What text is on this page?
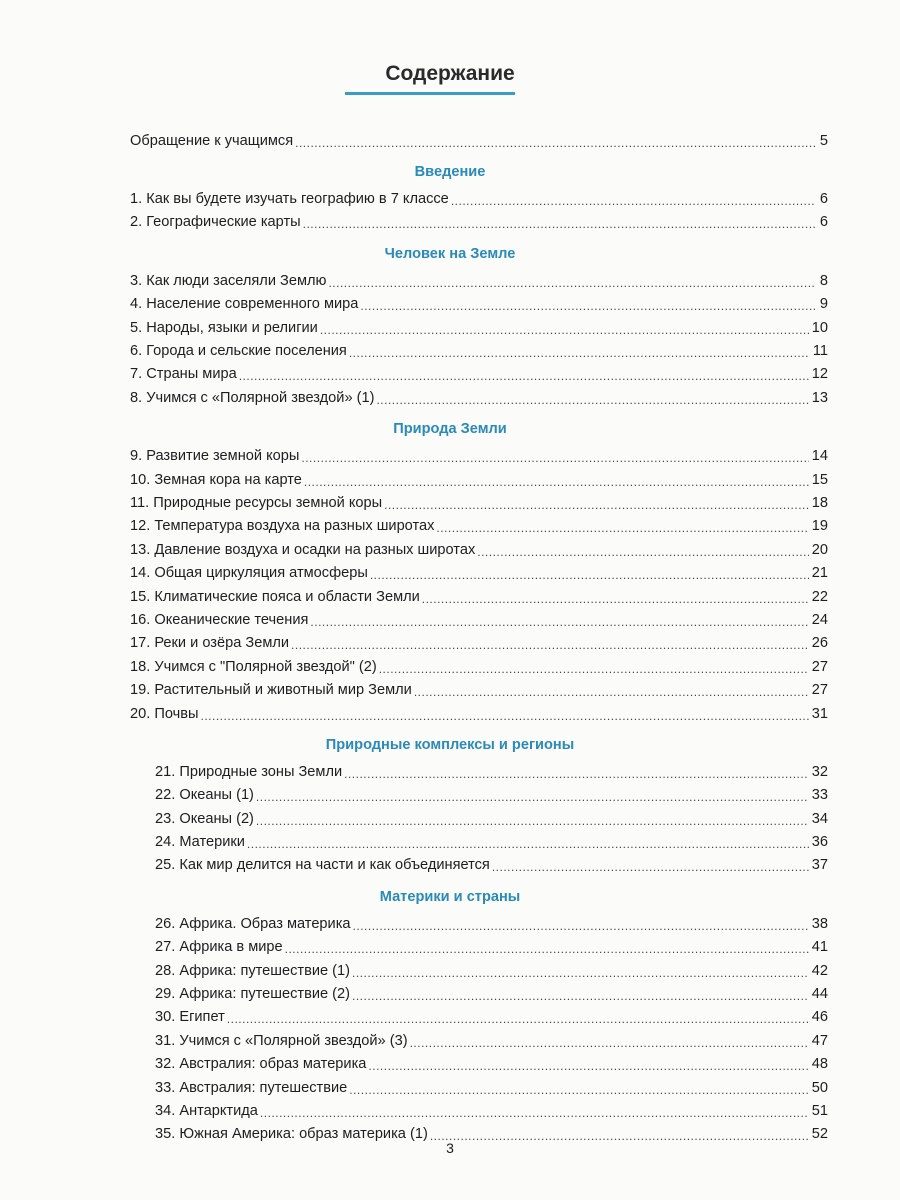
Содержание
Обращение к учащимся .....	5
Введение
1. Как вы будете изучать географию в 7 классе .....	6
2. Географические карты .....	6
Человек на Земле
3. Как люди заселяли Землю .....	8
4. Население современного мира .....	9
5. Народы, языки и религии .....	10
6. Города и сельские поселения .....	11
7. Страны мира .....	12
8. Учимся с «Полярной звездой» (1) .....	13
Природа Земли
9. Развитие земной коры .....	14
10. Земная кора на карте .....	15
11. Природные ресурсы земной коры .....	18
12. Температура воздуха на разных широтах .....	19
13. Давление воздуха и осадки на разных широтах .....	20
14. Общая циркуляция атмосферы .....	21
15. Климатические пояса и области Земли .....	22
16. Океанические течения .....	24
17. Реки и озёра Земли .....	26
18. Учимся с "Полярной звездой" (2) .....	27
19. Растительный и животный мир Земли .....	27
20. Почвы .....	31
Природные комплексы и регионы
21. Природные зоны Земли .....	32
22. Океаны (1) .....	33
23. Океаны (2) .....	34
24. Материки .....	36
25. Как мир делится на части и как объединяется .....	37
Материки и страны
26. Африка. Образ материка .....	38
27. Африка в мире .....	41
28. Африка: путешествие (1) .....	42
29. Африка: путешествие (2) .....	44
30. Египет .....	46
31. Учимся с «Полярной звездой» (3) .....	47
32. Австралия: образ материка .....	48
33. Австралия: путешествие .....	50
34. Антарктида .....	51
35. Южная Америка: образ материка (1) .....	52
3
